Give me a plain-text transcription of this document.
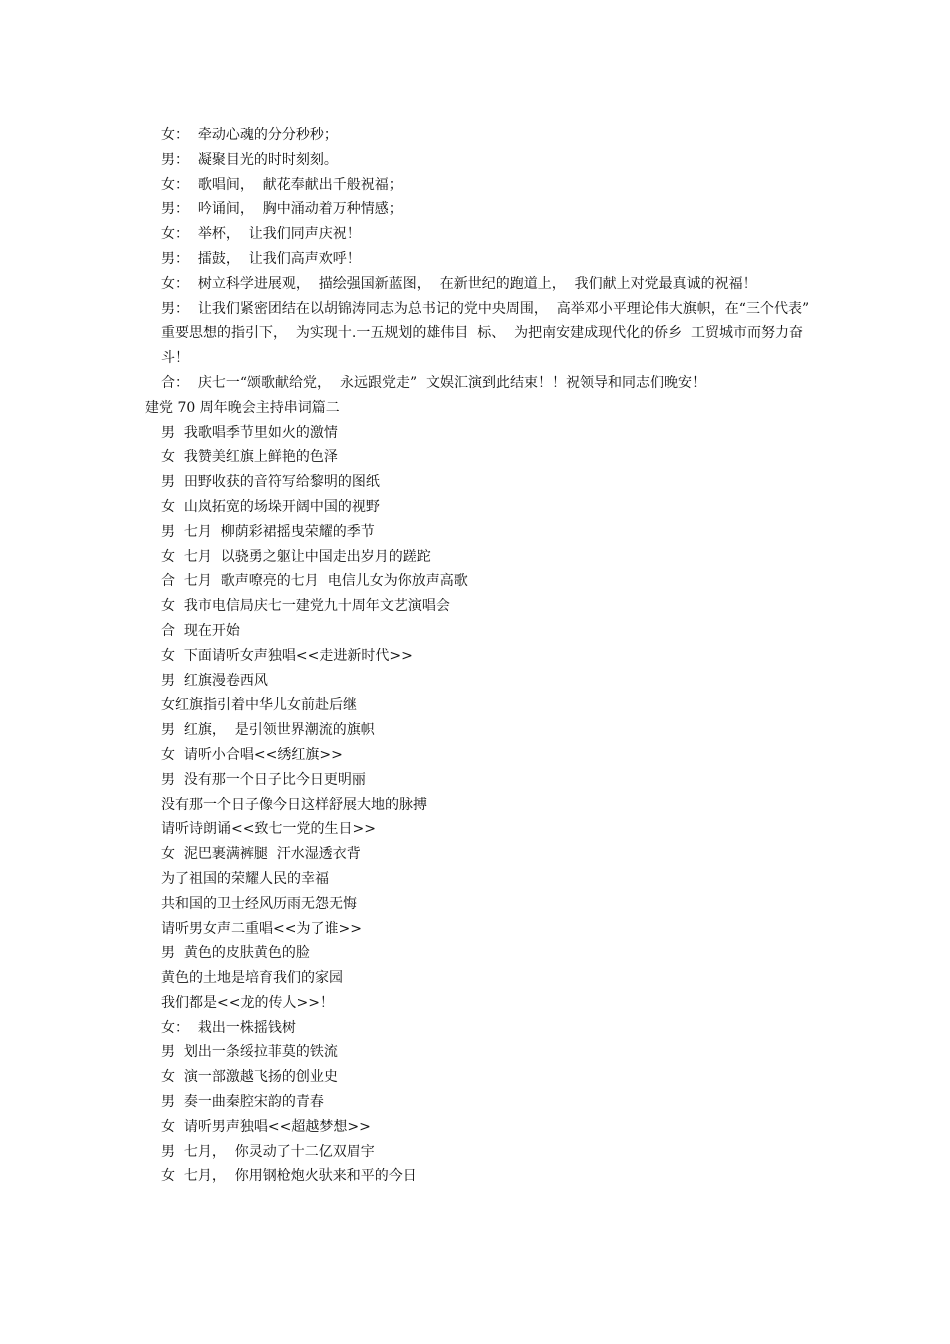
女：  牵动心魂的分分秒秒；

男：  凝聚目光的时时刻刻。

女：  歌唱间，  献花奉献出千般祝福；

男：  吟诵间，  胸中涌动着万种情感；

女：  举杯，  让我们同声庆祝！

男：  擂鼓，  让我们高声欢呼！

女：  树立科学进展观，  描绘强国新蓝图，  在新世纪的跑道上，  我们献上对党最真诚的祝福！

男：  让我们紧密团结在以胡锦涛同志为总书记的党中央周围，  高举邓小平理论伟大旗帜，在“三个代表”  重要思想的指引下，  为实现十.一五规划的雄伟目  标、  为把南安建成现代化的侨乡  工贸城市而努力奋斗！

合：  庆七一“颂歌献给党，  永远跟党走”  文娱汇演到此结束！！祝领导和同志们晚安！

建党 70 周年晚会主持串词篇二

男  我歌唱季节里如火的激情

女  我赞美红旗上鲜艳的色泽

男  田野收获的音符写给黎明的图纸

女  山岚拓宽的场垛开阔中国的视野

男  七月  柳荫彩裙摇曳荣耀的季节

女  七月  以骁勇之躯让中国走出岁月的蹉跎

合  七月  歌声嘹亮的七月  电信儿女为你放声高歌

女  我市电信局庆七一建党九十周年文艺演唱会

合  现在开始

女  下面请听女声独唱<<走进新时代>>

男  红旗漫卷西风

女红旗指引着中华儿女前赴后继

男  红旗，  是引领世界潮流的旗帜

女  请听小合唱<<绣红旗>>

男  没有那一个日子比今日更明丽

没有那一个日子像今日这样舒展大地的脉搏

请听诗朗诵<<致七一党的生日>>

女  泥巴裹满裤腿  汗水湿透衣背

为了祖国的荣耀人民的幸福

共和国的卫士经风历雨无怨无悔

请听男女声二重唱<<为了谁>>

男  黄色的皮肤黄色的脸

黄色的土地是培育我们的家园

我们都是<<龙的传人>>！

女：  栽出一株摇钱树

男  划出一条绥拉菲莫的铁流

女  演一部激越飞扬的创业史

男  奏一曲秦腔宋韵的青春

女  请听男声独唱<<超越梦想>>

男  七月，  你灵动了十二亿双眉宇

女  七月，  你用钢枪炮火驮来和平的今日
